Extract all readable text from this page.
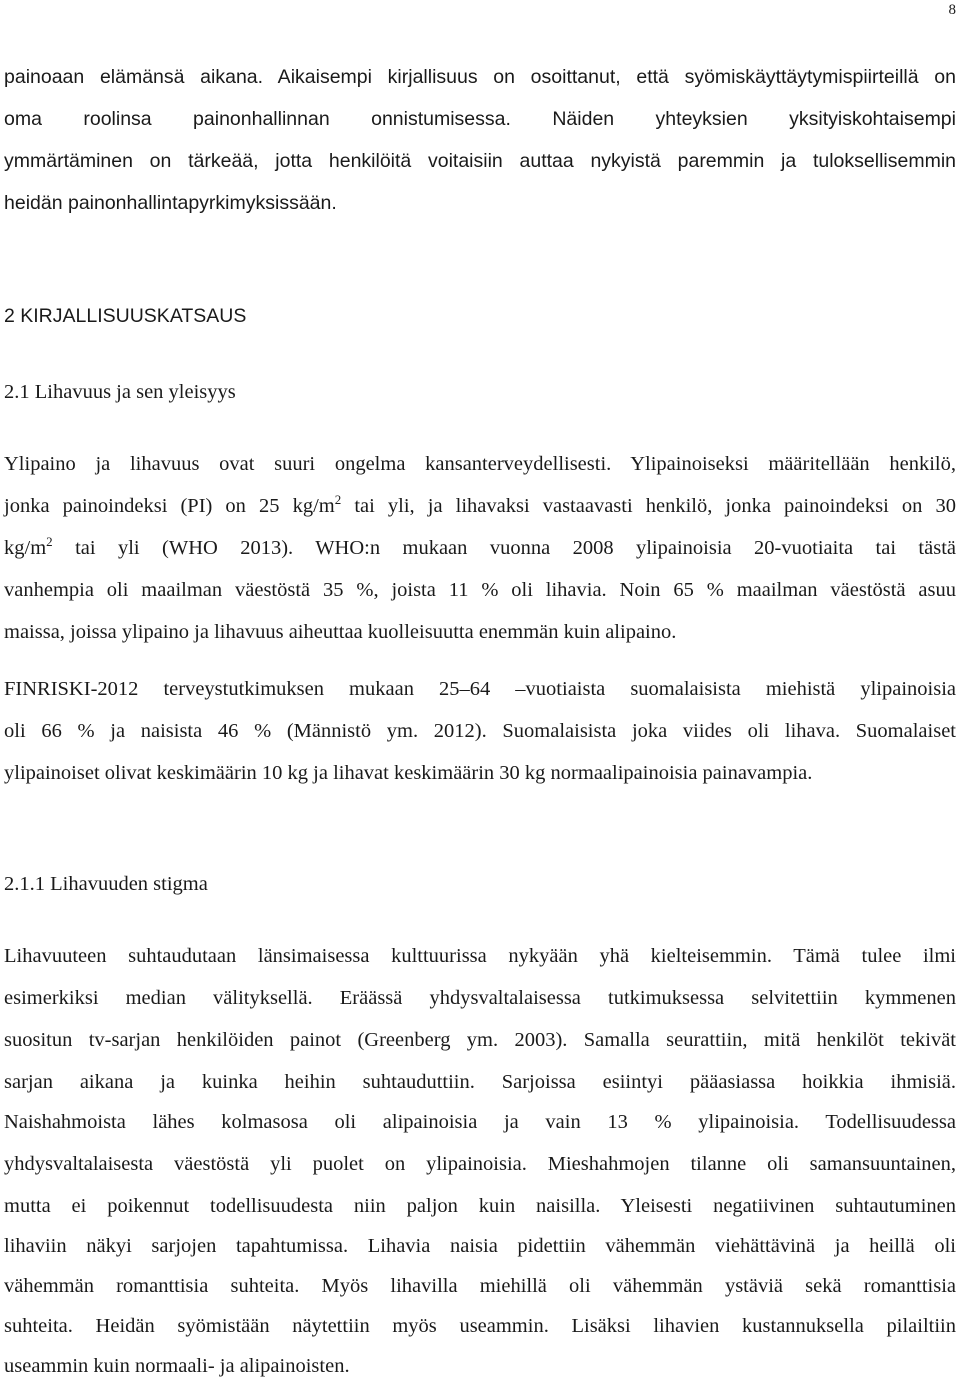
8
painoaan elämänsä aikana. Aikaisempi kirjallisuus on osoittanut, että syömiskäyttäytymispiirteillä on
oma roolinsa painonhallinnan onnistumisessa. Näiden yhteyksien yksityiskohtaisempi
ymmärtäminen on tärkeää, jotta henkilöitä voitaisiin auttaa nykyistä paremmin ja tuloksellisemmin
heidän painonhallintapyrkimyksissään.
2 KIRJALLISUUSKATSAUS
2.1 Lihavuus ja sen yleisyys
Ylipaino ja lihavuus ovat suuri ongelma kansanterveydellisesti. Ylipainoiseksi määritellään henkilö,
jonka painoindeksi (PI) on 25 $kg/m^2$ tai yli, ja lihavaksi vastaavasti henkilö, jonka painoindeksi on 30
$kg/m^2$ tai yli (WHO 2013). WHO:n mukaan vuonna 2008 ylipainoisia 20-vuotiaita tai tästä
vanhempia oli maailman väestöstä 35 %, joista 11 % oli lihavia. Noin 65 % maailman väestöstä asuu
maissa, joissa ylipaino ja lihavuus aiheuttaa kuolleisuutta enemmän kuin alipaino.
FINRISKI-2012 terveystutkimuksen mukaan 25–64 –vuotiaista suomalaisista miehistä ylipainoisia
oli 66 % ja naisista 46 % (Männistö ym. 2012). Suomalaisista joka viides oli lihava. Suomalaiset
ylipainoiset olivat keskimäärin 10 kg ja lihavat keskimäärin 30 kg normaalipainoisia painavampia.
2.1.1 Lihavuuden stigma
Lihavuuteen suhtaudutaan länsimaisessa kulttuurissa nykyään yhä kielteisemmin. Tämä tulee ilmi
esimerkiksi median välityksellä. Eräässä yhdysvaltalaisessa tutkimuksessa selvitettiin kymmenen
suositun tv-sarjan henkilöiden painot (Greenberg ym. 2003). Samalla seurattiin, mitä henkilöt tekivät
sarjan aikana ja kuinka heihin suhtauduttiin. Sarjoissa esiintyi pääasiassa hoikkia ihmisiä.
Naishahmoista lähes kolmasosa oli alipainoisia ja vain 13 % ylipainoisia. Todellisuudessa
yhdysvaltalaisesta väestöstä yli puolet on ylipainoisia. Mieshahmojen tilanne oli samansuuntainen,
mutta ei poikennut todellisuudesta niin paljon kuin naisilla. Yleisesti negatiivinen suhtautuminen
lihaviin näkyi sarjojen tapahtumissa. Lihavia naisia pidettiin vähemmän viehättävinä ja heillä oli
vähemmän romanttisia suhteita. Myös lihavilla miehillä oli vähemmän ystäviä sekä romanttisia
suhteita. Heidän syömistään näytettiin myös useammin. Lisäksi lihavien kustannuksella pilailtiin
useammin kuin normaali- ja alipainoisten.
